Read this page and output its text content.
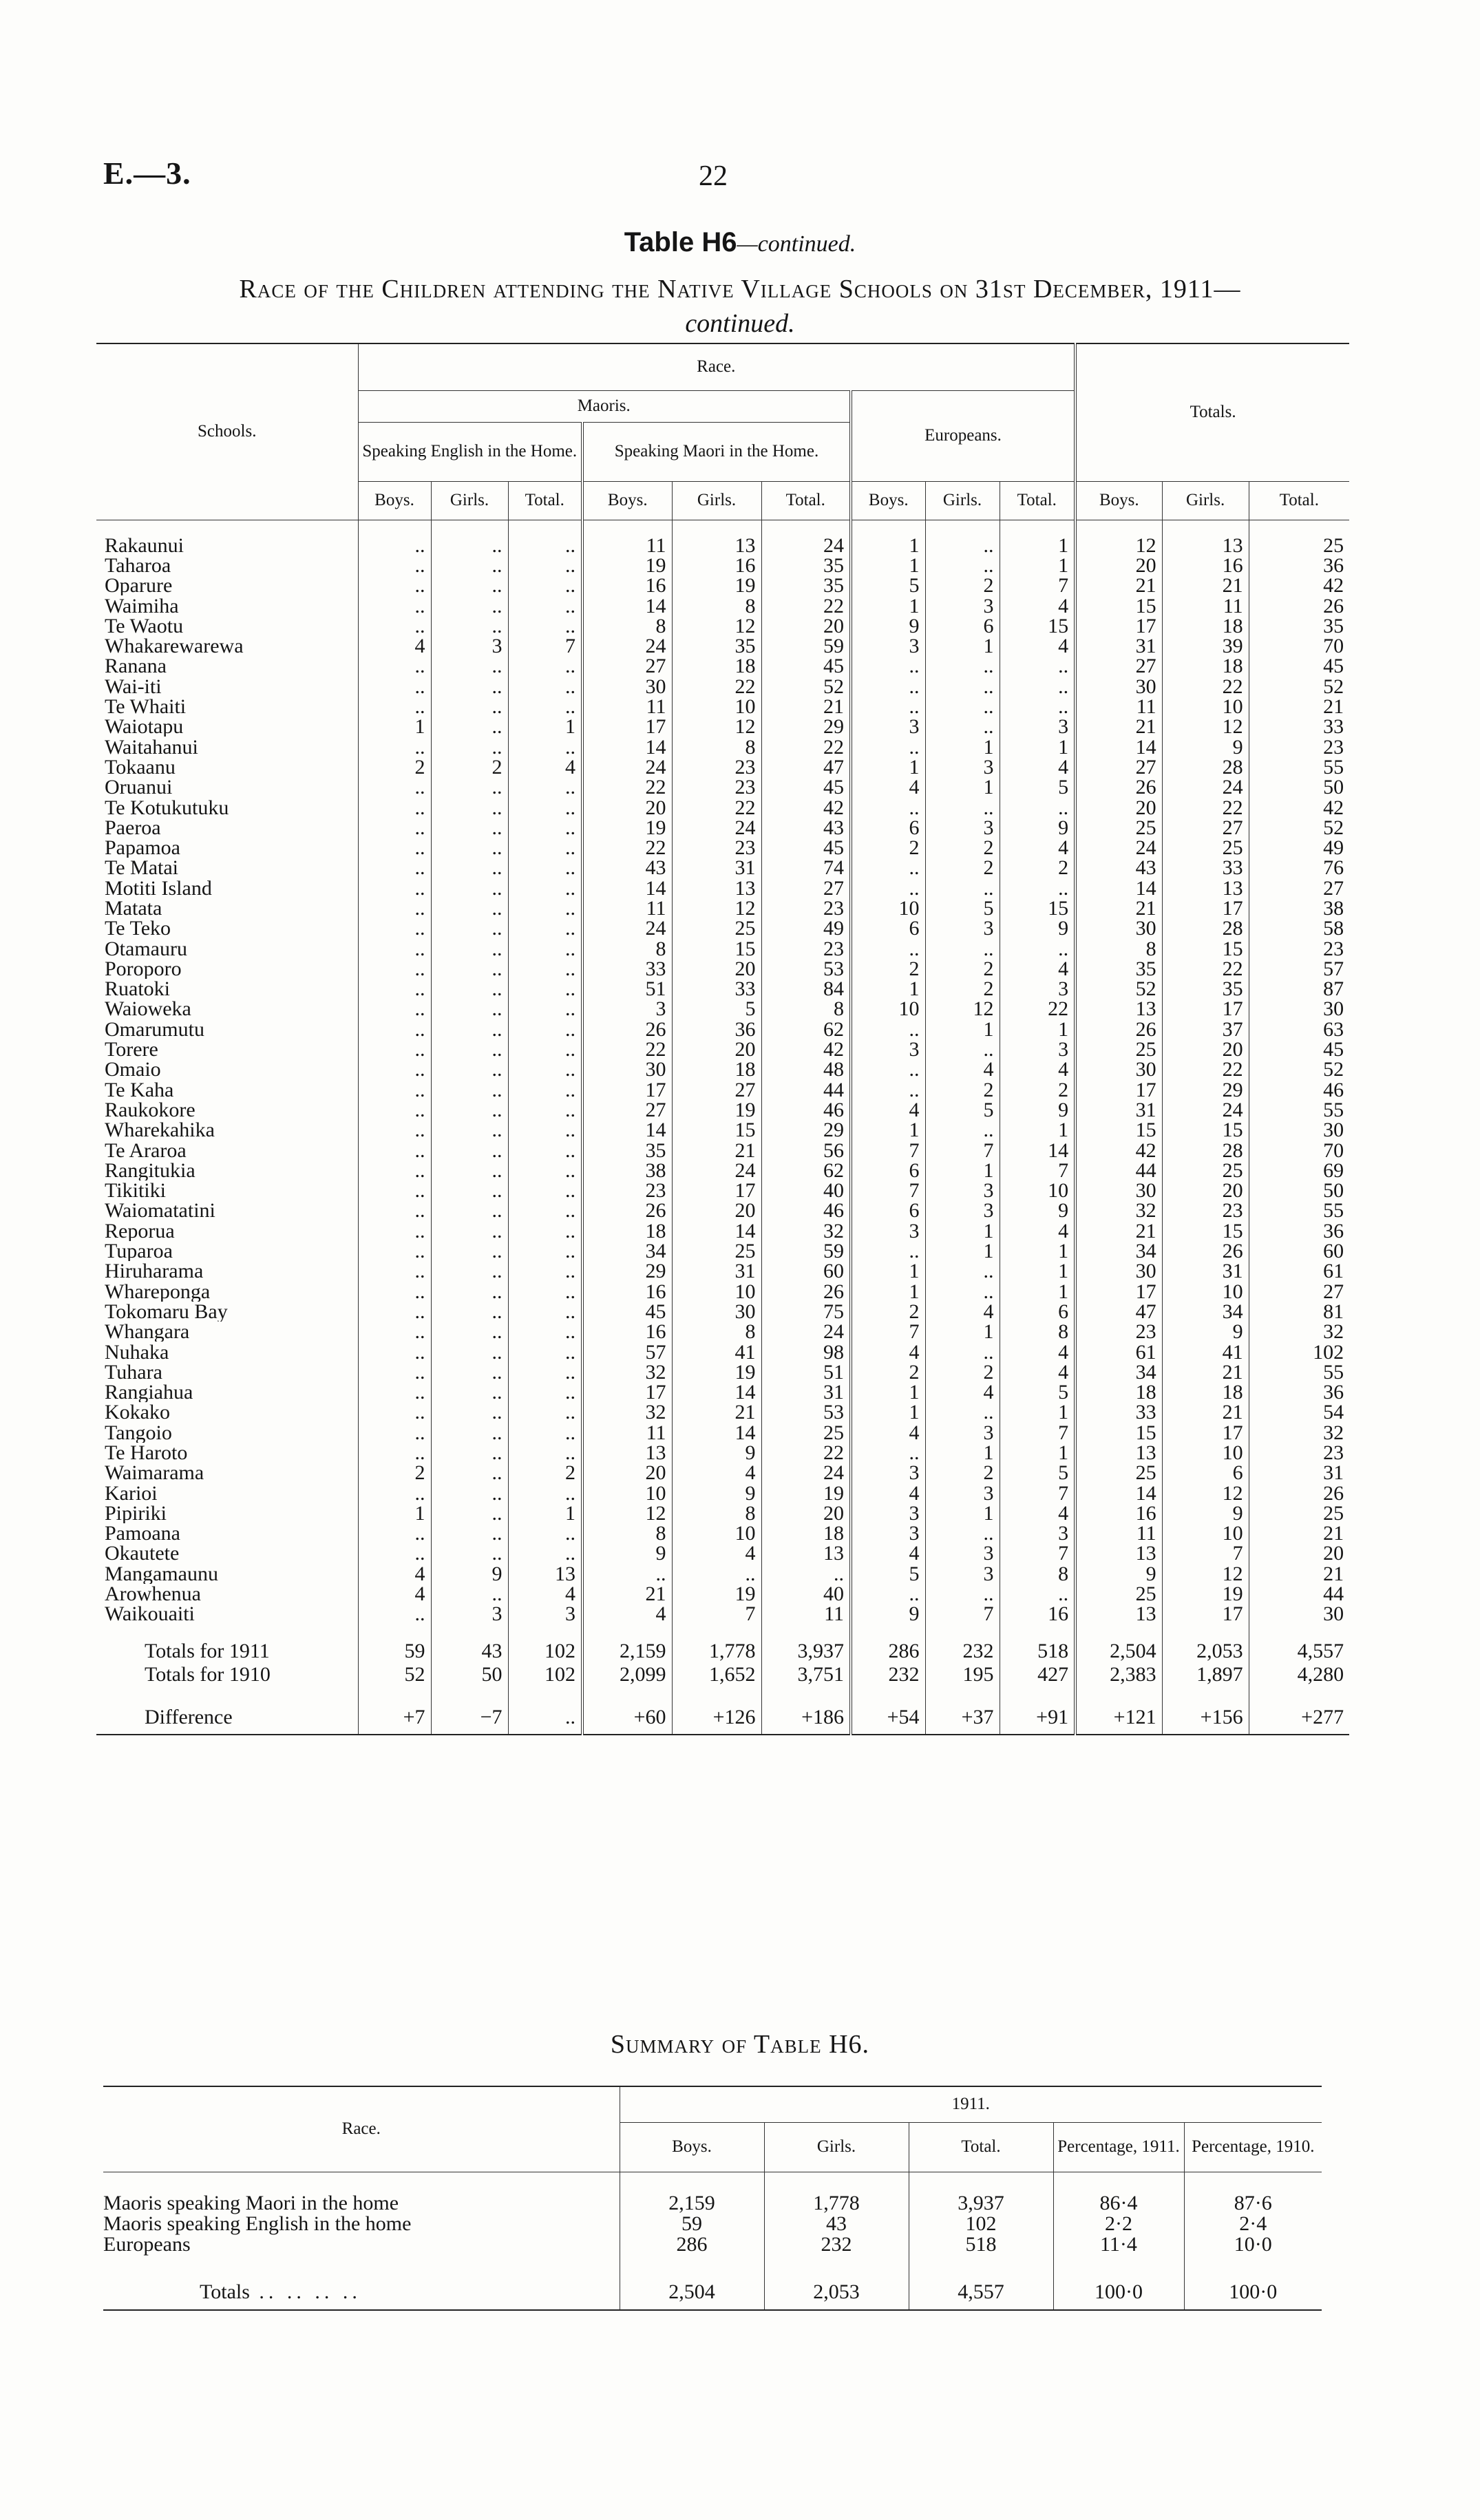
E.—3.	22
Table H6—continued.
Race of the Children attending the Native Village Schools on 31st December, 1911—
continued.
Schools.	Race.									Totals.		
	Maoris.						Europeans.					
	Speaking English in the Home.			Speaking Maori in the Home.								
	Boys.	Girls.	Total.	Boys.	Girls.	Total.	Boys.	Girls.	Total.	Boys.	Girls.	Total.

Rakaunui	..	..	..	11	13	24	1	..	1	12	13	25
Taharoa	..	..	..	19	16	35	1	..	1	20	16	36
Oparure	..	..	..	16	19	35	5	2	7	21	21	42
Waimiha	..	..	..	14	8	22	1	3	4	15	11	26
Te Waotu	..	..	..	8	12	20	9	6	15	17	18	35
Whakarewarewa	4	3	7	24	35	59	3	1	4	31	39	70
Ranana	..	..	..	27	18	45	..	..	..	27	18	45
Wai-iti	..	..	..	30	22	52	..	..	..	30	22	52
Te Whaiti	..	..	..	11	10	21	..	..	..	11	10	21
Waiotapu	1	..	1	17	12	29	3	..	3	21	12	33
Waitahanui	..	..	..	14	8	22	..	1	1	14	9	23
Tokaanu	2	2	4	24	23	47	1	3	4	27	28	55
Oruanui	..	..	..	22	23	45	4	1	5	26	24	50
Te Kotukutuku	..	..	..	20	22	42	..	..	..	20	22	42
Paeroa	..	..	..	19	24	43	6	3	9	25	27	52
Papamoa	..	..	..	22	23	45	2	2	4	24	25	49
Te Matai	..	..	..	43	31	74	..	2	2	43	33	76
Motiti Island	..	..	..	14	13	27	..	..	..	14	13	27
Matata	..	..	..	11	12	23	10	5	15	21	17	38
Te Teko	..	..	..	24	25	49	6	3	9	30	28	58
Otamauru	..	..	..	8	15	23	..	..	..	8	15	23
Poroporo	..	..	..	33	20	53	2	2	4	35	22	57
Ruatoki	..	..	..	51	33	84	1	2	3	52	35	87
Waioweka	..	..	..	3	5	8	10	12	22	13	17	30
Omarumutu	..	..	..	26	36	62	..	1	1	26	37	63
Torere	..	..	..	22	20	42	3	..	3	25	20	45
Omaio	..	..	..	30	18	48	..	4	4	30	22	52
Te Kaha	..	..	..	17	27	44	..	2	2	17	29	46
Raukokore	..	..	..	27	19	46	4	5	9	31	24	55
Wharekahika	..	..	..	14	15	29	1	..	1	15	15	30
Te Araroa	..	..	..	35	21	56	7	7	14	42	28	70
Rangitukia	..	..	..	38	24	62	6	1	7	44	25	69
Tikitiki	..	..	..	23	17	40	7	3	10	30	20	50
Waiomatatini	..	..	..	26	20	46	6	3	9	32	23	55
Reporua	..	..	..	18	14	32	3	1	4	21	15	36
Tuparoa	..	..	..	34	25	59	..	1	1	34	26	60
Hiruharama	..	..	..	29	31	60	1	..	1	30	31	61
Whareponga	..	..	..	16	10	26	1	..	1	17	10	27
Tokomaru Bay	..	..	..	45	30	75	2	4	6	47	34	81
Whangara	..	..	..	16	8	24	7	1	8	23	9	32
Nuhaka	..	..	..	57	41	98	4	..	4	61	41	102
Tuhara	..	..	..	32	19	51	2	2	4	34	21	55
Rangiahua	..	..	..	17	14	31	1	4	5	18	18	36
Kokako	..	..	..	32	21	53	1	..	1	33	21	54
Tangoio	..	..	..	11	14	25	4	3	7	15	17	32
Te Haroto	..	..	..	13	9	22	..	1	1	13	10	23
Waimarama	2	..	2	20	4	24	3	2	5	25	6	31
Karioi	..	..	..	10	9	19	4	3	7	14	12	26
Pipiriki	1	..	1	12	8	20	3	1	4	16	9	25
Pamoana	..	..	..	8	10	18	3	..	3	11	10	21
Okautete	..	..	..	9	4	13	4	3	7	13	7	20
Mangamaunu	4	9	13	..	..	..	5	3	8	9	12	21
Arowhenua	4	..	4	21	19	40	..	..	..	25	19	44
Waikouaiti	..	3	3	4	7	11	9	7	16	13	17	30

Totals for 1911	59	43	102	2,159	1,778	3,937	286	232	518	2,504	2,053	4,557
Totals for 1910	52	50	102	2,099	1,652	3,751	232	195	427	2,383	1,897	4,280

Difference	+7	−7	..	+60	+126	+186	+54	+37	+91	+121	+156	+277
Summary of Table H6.
Race.	1911.				
	Boys.	Girls.	Total.	Percentage, 1911.	Percentage, 1910.

Maoris speaking Maori in the home	2,159	1,778	3,937	86·4	87·6
Maoris speaking English in the home	59	43	102	2·2	2·4
Europeans	286	232	518	11·4	10·0

Totals .. .. .. ..	2,504	2,053	4,557	100·0	100·0
